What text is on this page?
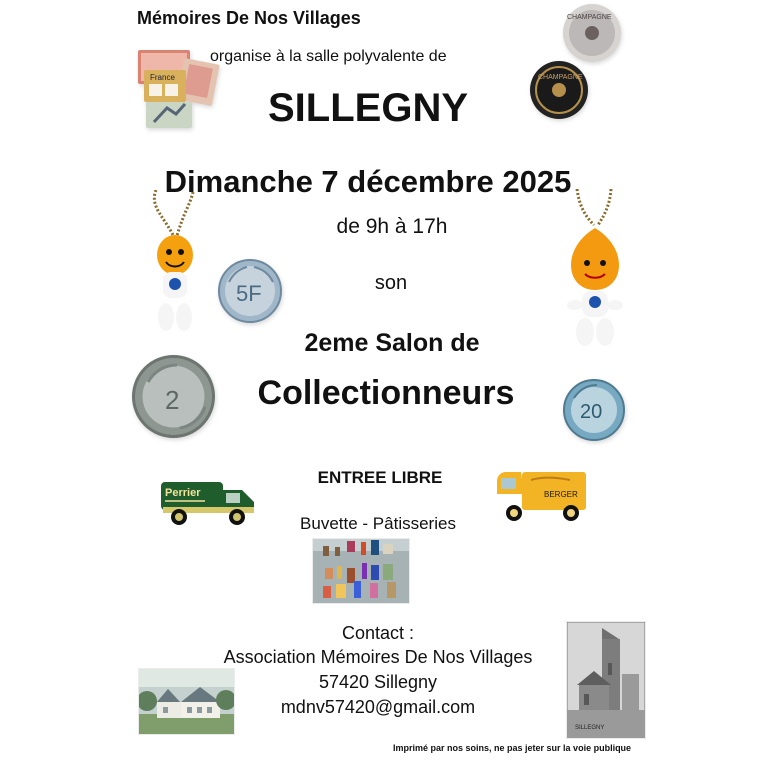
Mémoires De Nos Villages
organise à la salle polyvalente de
SILLEGNY
Dimanche 7 décembre 2025
de 9h à 17h
son
2eme Salon de
Collectionneurs
ENTREE LIBRE
Buvette - Pâtisseries
Contact :
Association Mémoires De Nos Villages
57420 Sillegny
mdnv57420@gmail.com
Imprimé par nos soins, ne pas jeter sur la voie publique
France
CHAMPAGNE
CHAMPAGNE
5F
2	20
Perrier	BERGER
SILLEGNY
